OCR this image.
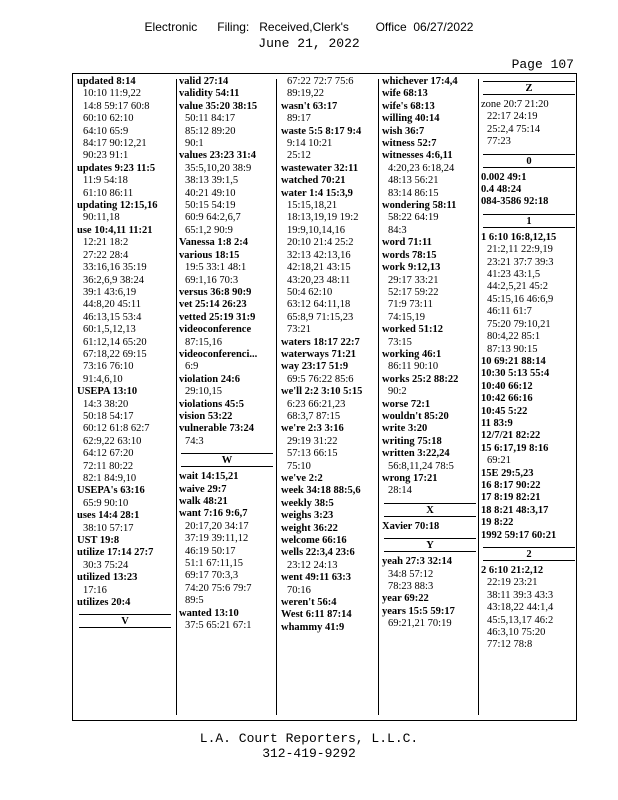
Electronic      Filing:   Received,Clerk's        Office  06/27/2022
June 21, 2022
Page 107
updated 8:14
10:10 11:9,22
14:8 59:17 60:8
60:10 62:10
64:10 65:9
84:17 90:12,21
90:23 91:1
updates 9:23 11:5
11:9 54:18
61:10 86:11
updating 12:15,16
90:11,18
use 10:4,11 11:21
12:21 18:2
27:22 28:4
33:16,16 35:19
36:2,6,9 38:24
39:1 43:6,19
44:8,20 45:11
46:13,15 53:4
60:1,5,12,13
61:12,14 65:20
67:18,22 69:15
73:16 76:10
91:4,6,10
USEPA 13:10
14:3 38:20
50:18 54:17
60:12 61:8 62:7
62:9,22 63:10
64:12 67:20
72:11 80:22
82:1 84:9,10
USEPA's 63:16
65:9 90:10
uses 14:4 28:1
38:10 57:17
UST 19:8
utilize 17:14 27:7
30:3 75:24
utilized 13:23
17:16
utilizes 20:4
V
valid 27:14
validity 54:11
value 35:20 38:15
50:11 84:17
85:12 89:20
90:1
values 23:23 31:4
35:5,10,20 38:9
38:13 39:1,5
40:21 49:10
50:15 54:19
60:9 64:2,6,7
65:1,2 90:9
Vanessa 1:8 2:4
various 18:15
19:5 33:1 48:1
69:1,16 70:3
versus 36:8 90:9
vet 25:14 26:23
vetted 25:19 31:9
videoconference
87:15,16
videoconferenci...
6:9
violation 24:6
29:10,15
violations 45:5
vision 53:22
vulnerable 73:24
74:3
W
wait 14:15,21
waive 29:7
walk 48:21
want 7:16 9:6,7
20:17,20 34:17
37:19 39:11,12
46:19 50:17
51:1 67:11,15
69:17 70:3,3
74:20 75:6 79:7
89:5
wanted 13:10
37:5 65:21 67:1
67:22 72:7 75:6
89:19,22
wasn't 63:17
89:17
waste 5:5 8:17 9:4
9:14 10:21
25:12
wastewater 32:11
watched 70:21
water 1:4 15:3,9
15:15,18,21
18:13,19,19 19:2
19:9,10,14,16
20:10 21:4 25:2
32:13 42:13,16
42:18,21 43:15
43:20,23 48:11
50:4 62:10
63:12 64:11,18
65:8,9 71:15,23
73:21
waters 18:17 22:7
waterways 71:21
way 23:17 51:9
69:5 76:22 85:6
we'll 2:2 3:10 5:15
6:23 66:21,23
68:3,7 87:15
we're 2:3 3:16
29:19 31:22
57:13 66:15
75:10
we've 2:2
week 34:18 88:5,6
weekly 38:5
weighs 3:23
weight 36:22
welcome 66:16
wells 22:3,4 23:6
23:12 24:13
went 49:11 63:3
70:16
weren't 56:4
West 6:11 87:14
whammy 41:9
whichever 17:4,4
wife 68:13
wife's 68:13
willing 40:14
wish 36:7
witness 52:7
witnesses 4:6,11
4:20,23 6:18,24
48:13 56:21
83:14 86:15
wondering 58:11
58:22 64:19
84:3
word 71:11
words 78:15
work 9:12,13
29:17 33:21
52:17 59:22
71:9 73:11
74:15,19
worked 51:12
73:15
working 46:1
86:11 90:10
works 25:2 88:22
90:2
worse 72:1
wouldn't 85:20
write 3:20
writing 75:18
written 3:22,24
56:8,11,24 78:5
wrong 17:21
28:14
X
Xavier 70:18
Y
yeah 27:3 32:14
34:8 57:12
78:23 88:3
year 69:22
years 15:5 59:17
69:21,21 70:19
Z
zone 20:7 21:20
22:17 24:19
25:2,4 75:14
77:23
0
0.002 49:1
0.4 48:24
084-3586 92:18
1
1 6:10 16:8,12,15
21:2,11 22:9,19
23:21 37:7 39:3
41:23 43:1,5
44:2,5,21 45:2
45:15,16 46:6,9
46:11 61:7
75:20 79:10,21
80:4,22 85:1
87:13 90:15
10 69:21 88:14
10:30 5:13 55:4
10:40 66:12
10:42 66:16
10:45 5:22
11 83:9
12/7/21 82:22
15 6:17,19 8:16
69:21
15E 29:5,23
16 8:17 90:22
17 8:19 82:21
18 8:21 48:3,17
19 8:22
1992 59:17 60:21
2
2 6:10 21:2,12
22:19 23:21
38:11 39:3 43:3
43:18,22 44:1,4
45:5,13,17 46:2
46:3,10 75:20
77:12 78:8
L.A. Court Reporters, L.L.C.
312-419-9292
